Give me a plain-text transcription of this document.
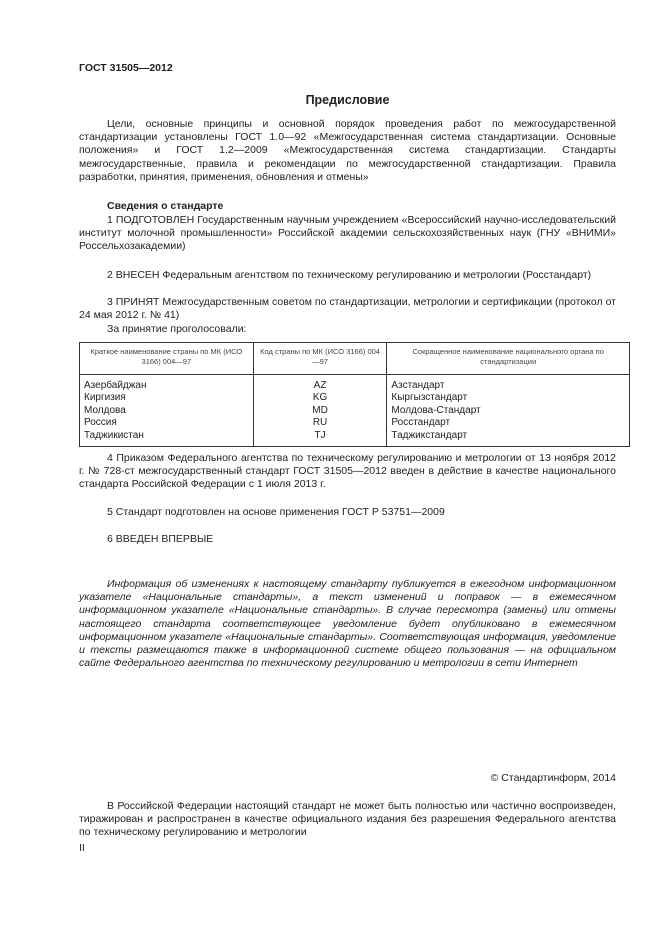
ГОСТ 31505—2012
Предисловие

Цели, основные принципы и основной порядок проведения работ по межгосударственной стандартизации установлены ГОСТ 1.0—92 «Межгосударственная система стандартизации. Основные положения» и ГОСТ 1.2—2009 «Межгосударственная система стандартизации. Стандарты межгосударственные, правила и рекомендации по межгосударственной стандартизации. Правила разработки, принятия, применения, обновления и отмены»

Сведения о стандарте

1 ПОДГОТОВЛЕН Государственным научным учреждением «Всероссийский научно-исследовательский институт молочной промышленности» Российской академии сельскохозяйственных наук (ГНУ «ВНИМИ» Россельхозакадемии)

2 ВНЕСЕН Федеральным агентством по техническому регулированию и метрологии (Росстандарт)

3 ПРИНЯТ Межгосударственным советом по стандартизации, метрологии и сертификации (протокол от 24 мая 2012 г. № 41)

За принятие проголосовали:

Краткое наименование страны по МК (ИСО 3166) 004—97	Код страны по МК (ИСО 3166) 004—97	Сокращенное наименование национального органа по стандартизации
Азербайджан	AZ	Азстандарт
Киргизия	KG	Кыргызстандарт
Молдова	MD	Молдова-Стандарт
Россия	RU	Росстандарт
Таджикистан	TJ	Таджикстандарт

4 Приказом Федерального агентства по техническому регулированию и метрологии от 13 ноября 2012 г. № 728-ст межгосударственный стандарт ГОСТ 31505—2012 введен в действие в качестве национального стандарта Российской Федерации с 1 июля 2013 г.

5 Стандарт подготовлен на основе применения ГОСТ Р 53751—2009

6 ВВЕДЕН ВПЕРВЫЕ

Информация об изменениях к настоящему стандарту публикуется в ежегодном информационном указателе «Национальные стандарты», а текст изменений и поправок — в ежемесячном информационном указателе «Национальные стандарты». В случае пересмотра (замены) или отмены настоящего стандарта соответствующее уведомление будет опубликовано в ежемесячном информационном указателе «Национальные стандарты». Соответствующая информация, уведомление и тексты размещаются также в информационной системе общего пользования — на официальном сайте Федерального агентства по техническому регулированию и метрологии в сети Интернет

© Стандартинформ, 2014

В Российской Федерации настоящий стандарт не может быть полностью или частично воспроизведен, тиражирован и распространен в качестве официального издания без разрешения Федерального агентства по техническому регулированию и метрологии

II
